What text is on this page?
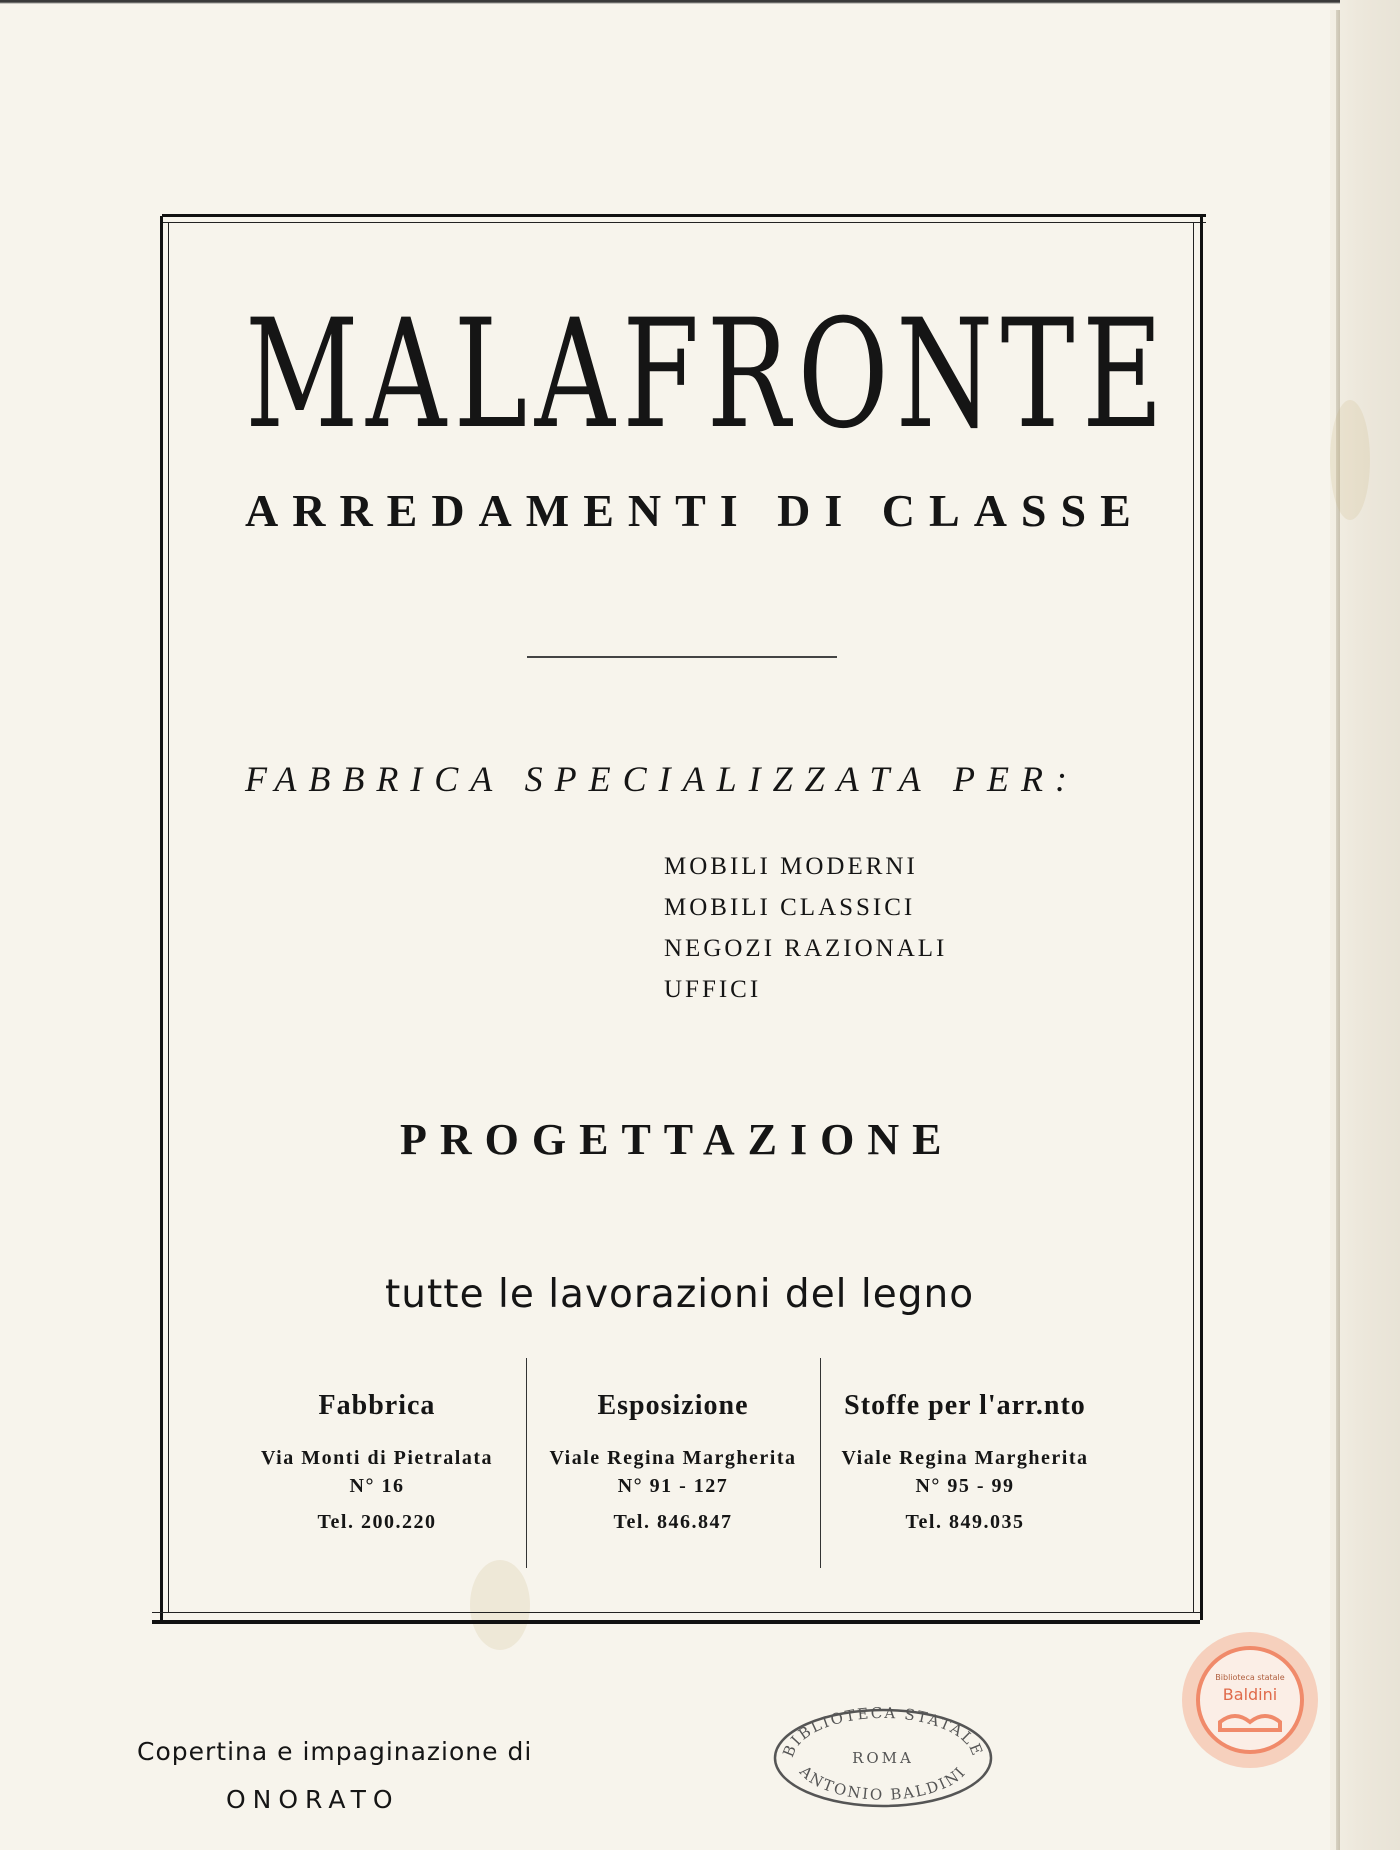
MALAFRONTE
ARREDAMENTI DI CLASSE
FABBRICA SPECIALIZZATA PER:
MOBILI MODERNI
MOBILI CLASSICI
NEGOZI RAZIONALI
UFFICI
PROGETTAZIONE
tutte le lavorazioni del legno
Fabbrica
Via Monti di Pietralata
N° 16
Tel. 200.220
Esposizione
Viale Regina Margherita
N° 91 - 127
Tel. 846.847
Stoffe per l'arr.nto
Viale Regina Margherita
N° 95 - 99
Tel. 849.035
Copertina e impaginazione di
ONORATO
BIBLIOTECA STATALE
ROMA
ANTONIO BALDINI
Biblioteca statale
Baldini
